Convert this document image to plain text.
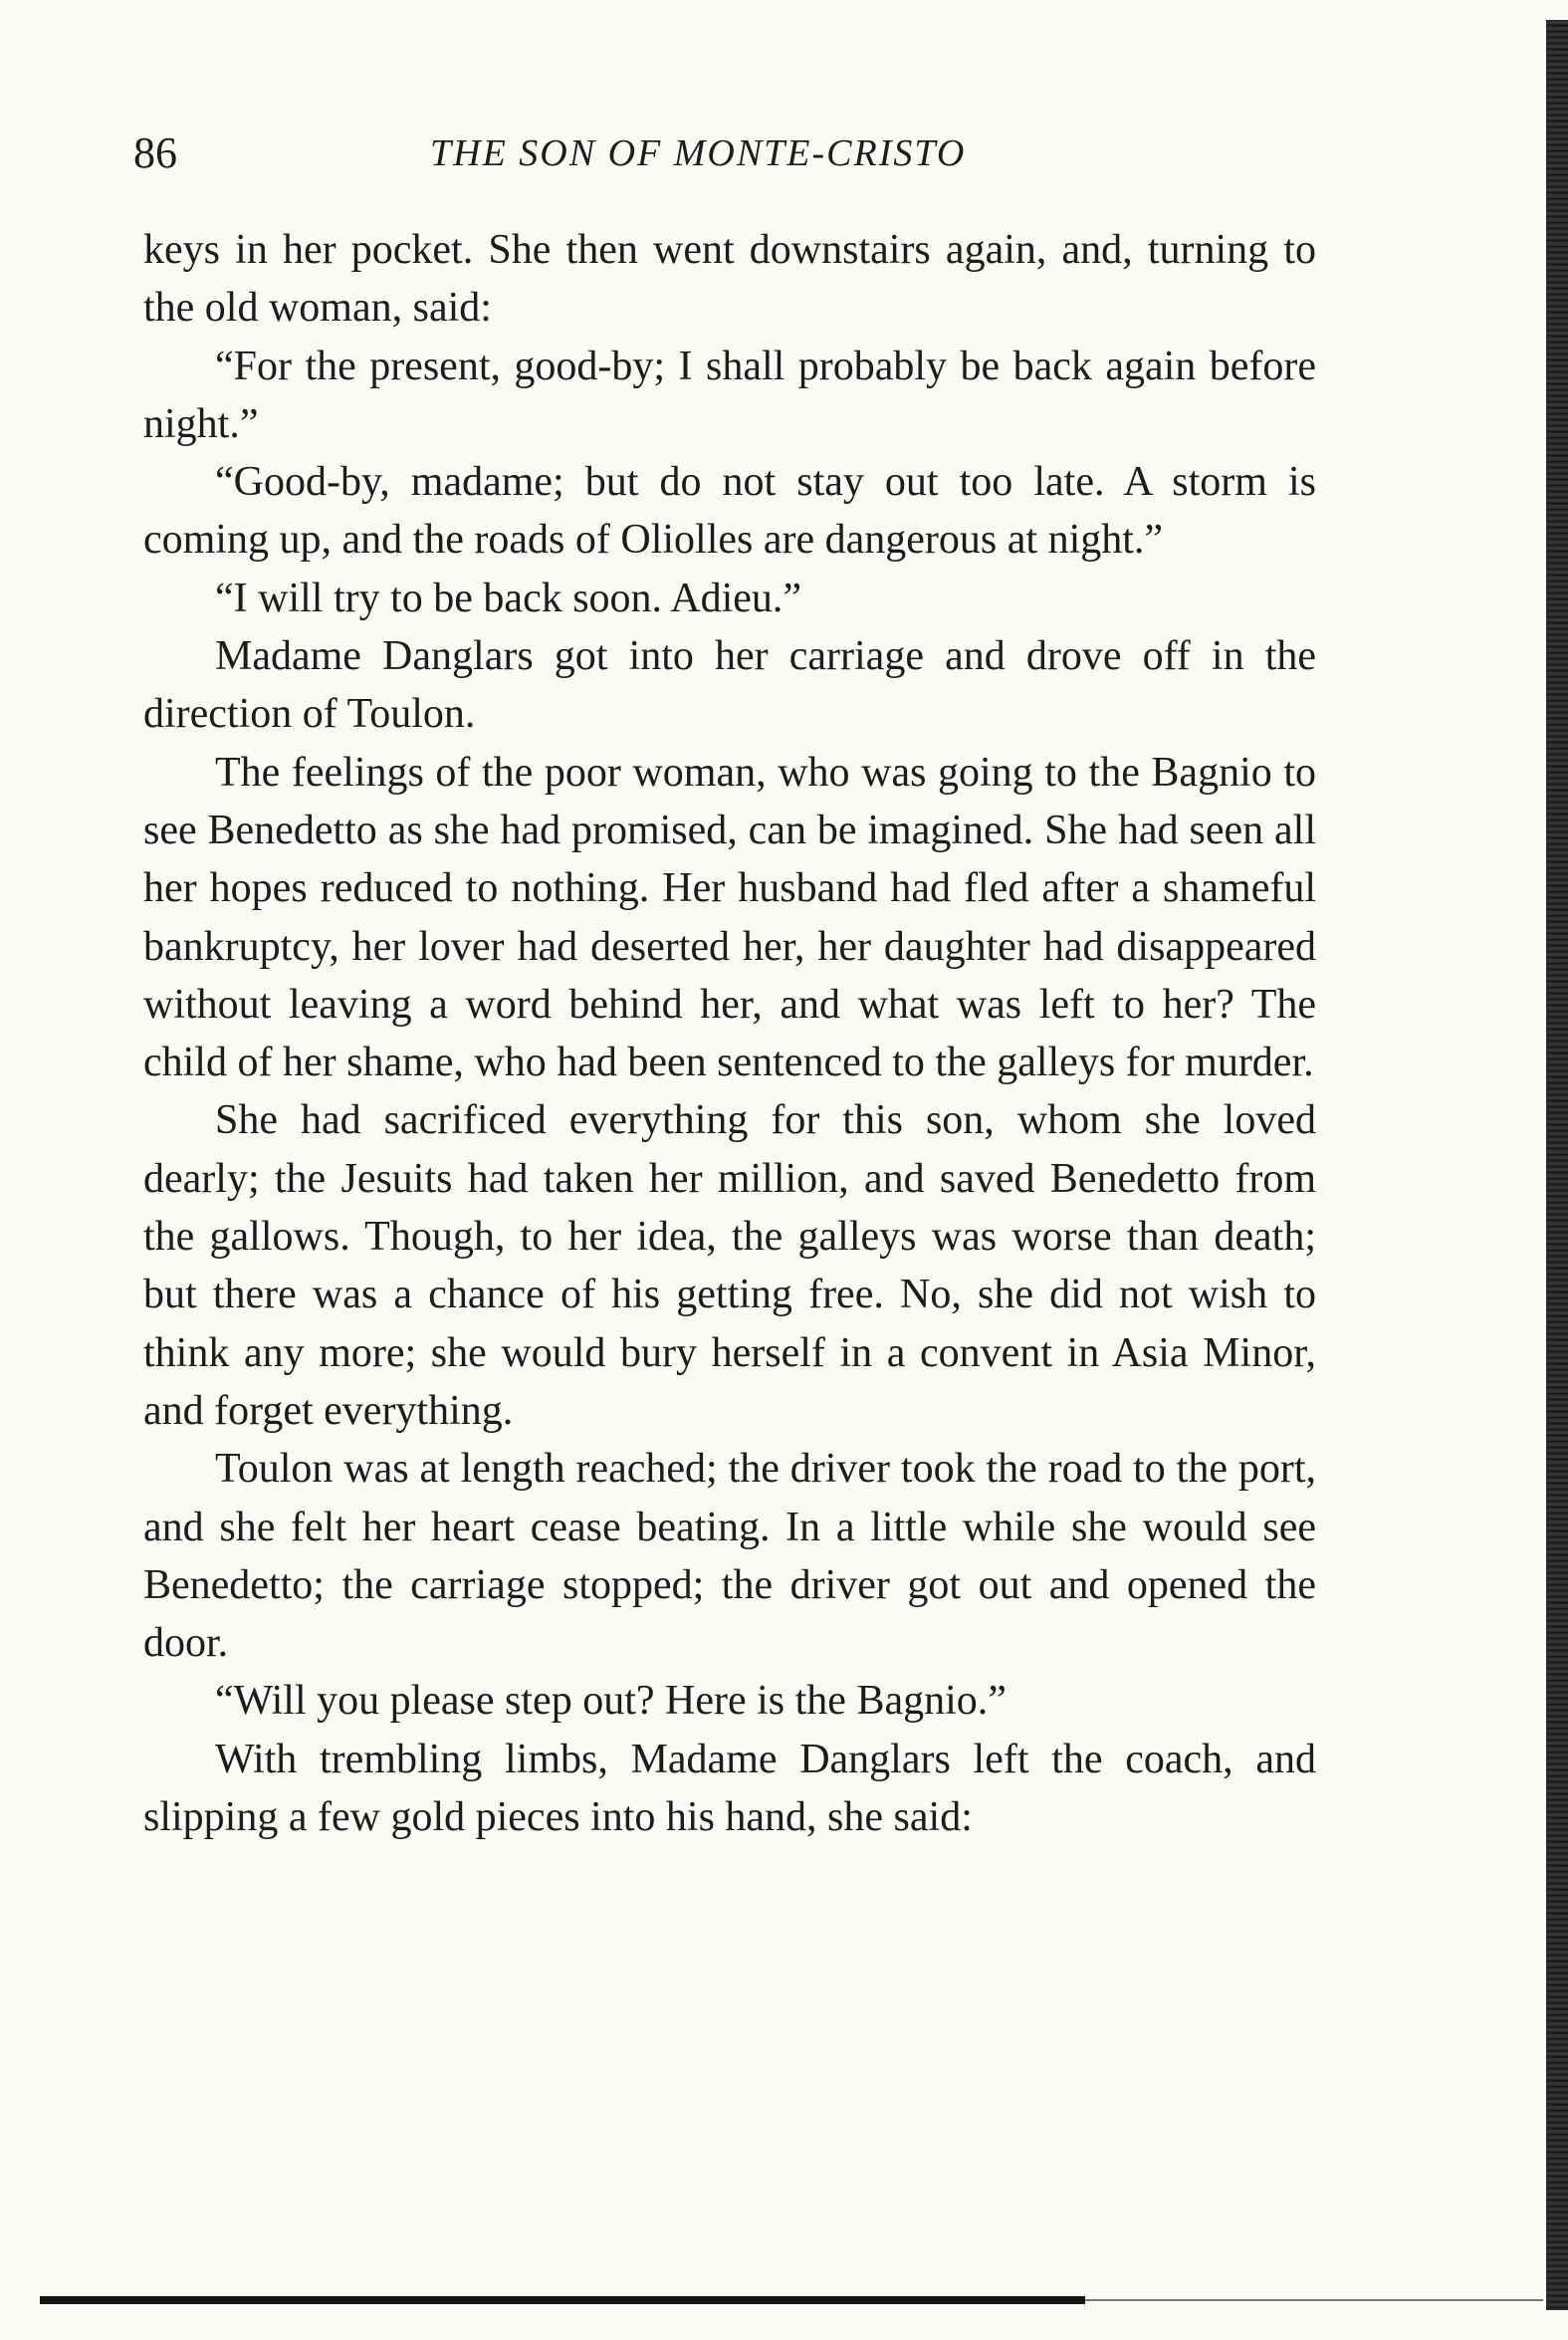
86	THE SON OF MONTE-CRISTO

keys in her pocket. She then went downstairs again, and, turning to the old woman, said:

“For the present, good-by; I shall probably be back again before night.”

“Good-by, madame; but do not stay out too late. A storm is coming up, and the roads of Oliolles are dangerous at night.”

“I will try to be back soon. Adieu.”

Madame Danglars got into her carriage and drove off in the direction of Toulon.

The feelings of the poor woman, who was going to the Bagnio to see Benedetto as she had promised, can be imagined. She had seen all her hopes reduced to nothing. Her husband had fled after a shameful bankruptcy, her lover had deserted her, her daughter had disappeared without leaving a word behind her, and what was left to her? The child of her shame, who had been sentenced to the galleys for murder.

She had sacrificed everything for this son, whom she loved dearly; the Jesuits had taken her million, and saved Benedetto from the gallows. Though, to her idea, the galleys was worse than death; but there was a chance of his getting free. No, she did not wish to think any more; she would bury herself in a convent in Asia Minor, and forget everything.

Toulon was at length reached; the driver took the road to the port, and she felt her heart cease beating. In a little while she would see Benedetto; the carriage stopped; the driver got out and opened the door.

“Will you please step out? Here is the Bagnio.”

With trembling limbs, Madame Danglars left the coach, and slipping a few gold pieces into his hand, she said:
